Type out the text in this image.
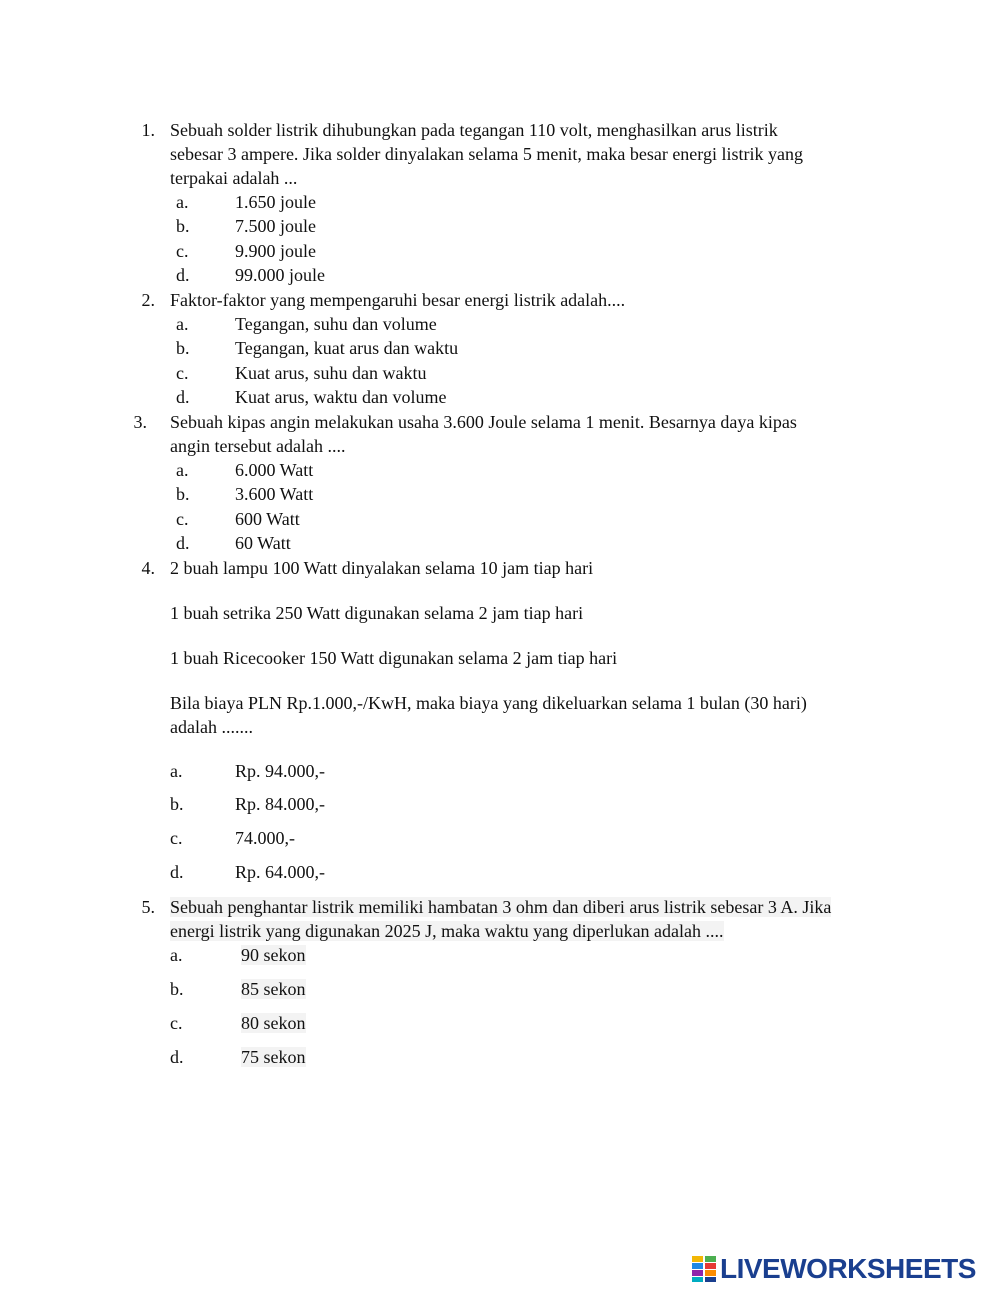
1. Sebuah solder listrik dihubungkan pada tegangan 110 volt, menghasilkan arus listrik
sebesar 3 ampere. Jika solder dinyalakan selama 5 menit, maka besar energi listrik yang
terpakai adalah ...
a.	1.650 joule
b.	7.500 joule
c.	9.900 joule
d.	99.000 joule
2. Faktor-faktor yang mempengaruhi besar energi listrik adalah....
a.	Tegangan, suhu dan volume
b.	Tegangan, kuat arus dan waktu
c.	Kuat arus, suhu dan waktu
d.	Kuat arus, waktu dan volume
3. Sebuah kipas angin melakukan usaha 3.600 Joule selama 1 menit. Besarnya daya kipas
angin tersebut adalah ....
a.	6.000 Watt
b.	3.600 Watt
c.	600 Watt
d.	60 Watt
4. 2 buah lampu 100 Watt dinyalakan selama 10 jam tiap hari
1 buah setrika 250 Watt digunakan selama 2 jam tiap hari
1 buah Ricecooker 150 Watt digunakan selama 2 jam tiap hari
Bila biaya PLN Rp.1.000,-/KwH, maka biaya yang dikeluarkan selama 1 bulan (30 hari)
adalah .......
a.	Rp. 94.000,-
b.	Rp. 84.000,-
c.	74.000,-
d.	Rp. 64.000,-
5. Sebuah penghantar listrik memiliki hambatan 3 ohm dan diberi arus listrik sebesar 3 A. Jika
energi listrik yang digunakan 2025 J, maka waktu yang diperlukan adalah ....
a.	90 sekon
b.	85 sekon
c.	80 sekon
d.	75 sekon
LIVEWORKSHEETS
